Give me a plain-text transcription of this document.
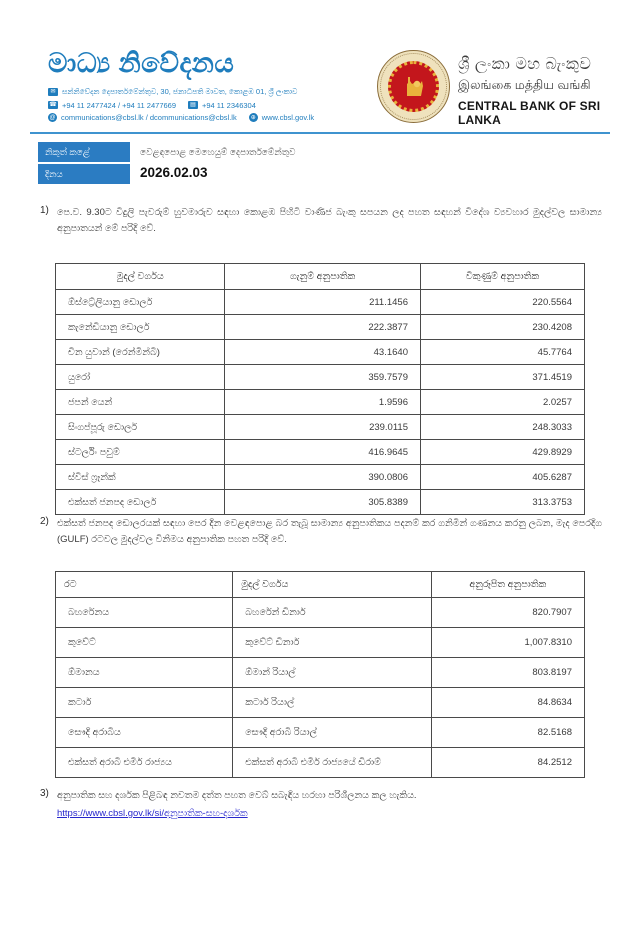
මාධ්‍ය නිවේදනය
✉ සන්නිවේදන දෙපාර්තමේන්තුව, 30, ජනාධිපති මාවත, කොළඹ 01, ශ්‍රී ලංකාව
☎ +94 11 2477424 / +94 11 2477669	▤ +94 11 2346304
@ communications@cbsl.lk / dcommunications@cbsl.lk	⊕ www.cbsl.gov.lk
ශ්‍රී ලංකා මහ බැංකුව
இலங்கை மத்திய வங்கி
CENTRAL BANK OF SRI LANKA
නිකුත් කළේ	වෙළඳපොළ මෙහෙයුම් දෙපාර්තමේන්තුව
දිනය	2026.02.03
1) පෙ.ව. 9.30ට විදුලි පැවරුම් හුවමාරුව සඳහා කොළඹ පිහිටි වාණිජ බැංකු සපයන ලද පහත සඳහන් විදේශ ව්‍යවහාර මුදල්වල සාමාන්‍ය අනුපාතයන් මේ පරිදි වේ.
මුදල් වර්ගය	ගැනුම් අනුපාතික	විකුණුම් අනුපාතික
ඕස්ට්‍රේලියානු ඩොලර්	211.1456	220.5564
කැනේඩියානු ඩොලර්	222.3877	230.4208
චීන යුවාන් (රෙන්මින්බි)	43.1640	45.7764
යුරෝ	359.7579	371.4519
ජපන් යෙන්	1.9596	2.0257
සිංගප්පූරු ඩොලර්	239.0115	248.3033
ස්ටර්ලිං පවුම්	416.9645	429.8929
ස්විස් ෆ්‍රෑන්ක්	390.0806	405.6287
එක්සත් ජනපද ඩොලර්	305.8389	313.3753
2) එක්සත් ජනපද ඩොලරයක් සඳහා පෙර දින වෙළඳපොළ බර තැබූ සාමාන්‍ය අනුපාතිකය පදනම් කර ගනිමින් ගණනය කරනු ලබන, මැද පෙරදිග (GULF) රටවල මුදල්වල විනිමය අනුපාතික පහත පරිදි වේ.
රට	මුදල් වර්ගය	අනුරූපිත අනුපාතික
බහරේනය	බහරේන් ඩිනාර්	820.7907
කුවේට්	කුවේට් ඩිනාර්	1,007.8310
ඕමානය	ඕමාන් රියාල්	803.8197
කටාර්	කටාර් රියාල්	84.8634
සෞදි අරාබිය	සෞදි අරාබි රියාල්	82.5168
එක්සත් අරාබි එමීර් රාජ්‍යය	එක්සත් අරාබි එමීර් රාජ්‍යයේ ඩිරාම්	84.2512
3) අනුපාතික සහ දර්ශක පිළිබඳ නවතම දත්ත පහත වෙබ් සබැඳිය හරහා පරිශීලනය කල හැකිය.
https://www.cbsl.gov.lk/si/අනුපාතික-සහ-දර්ශක
